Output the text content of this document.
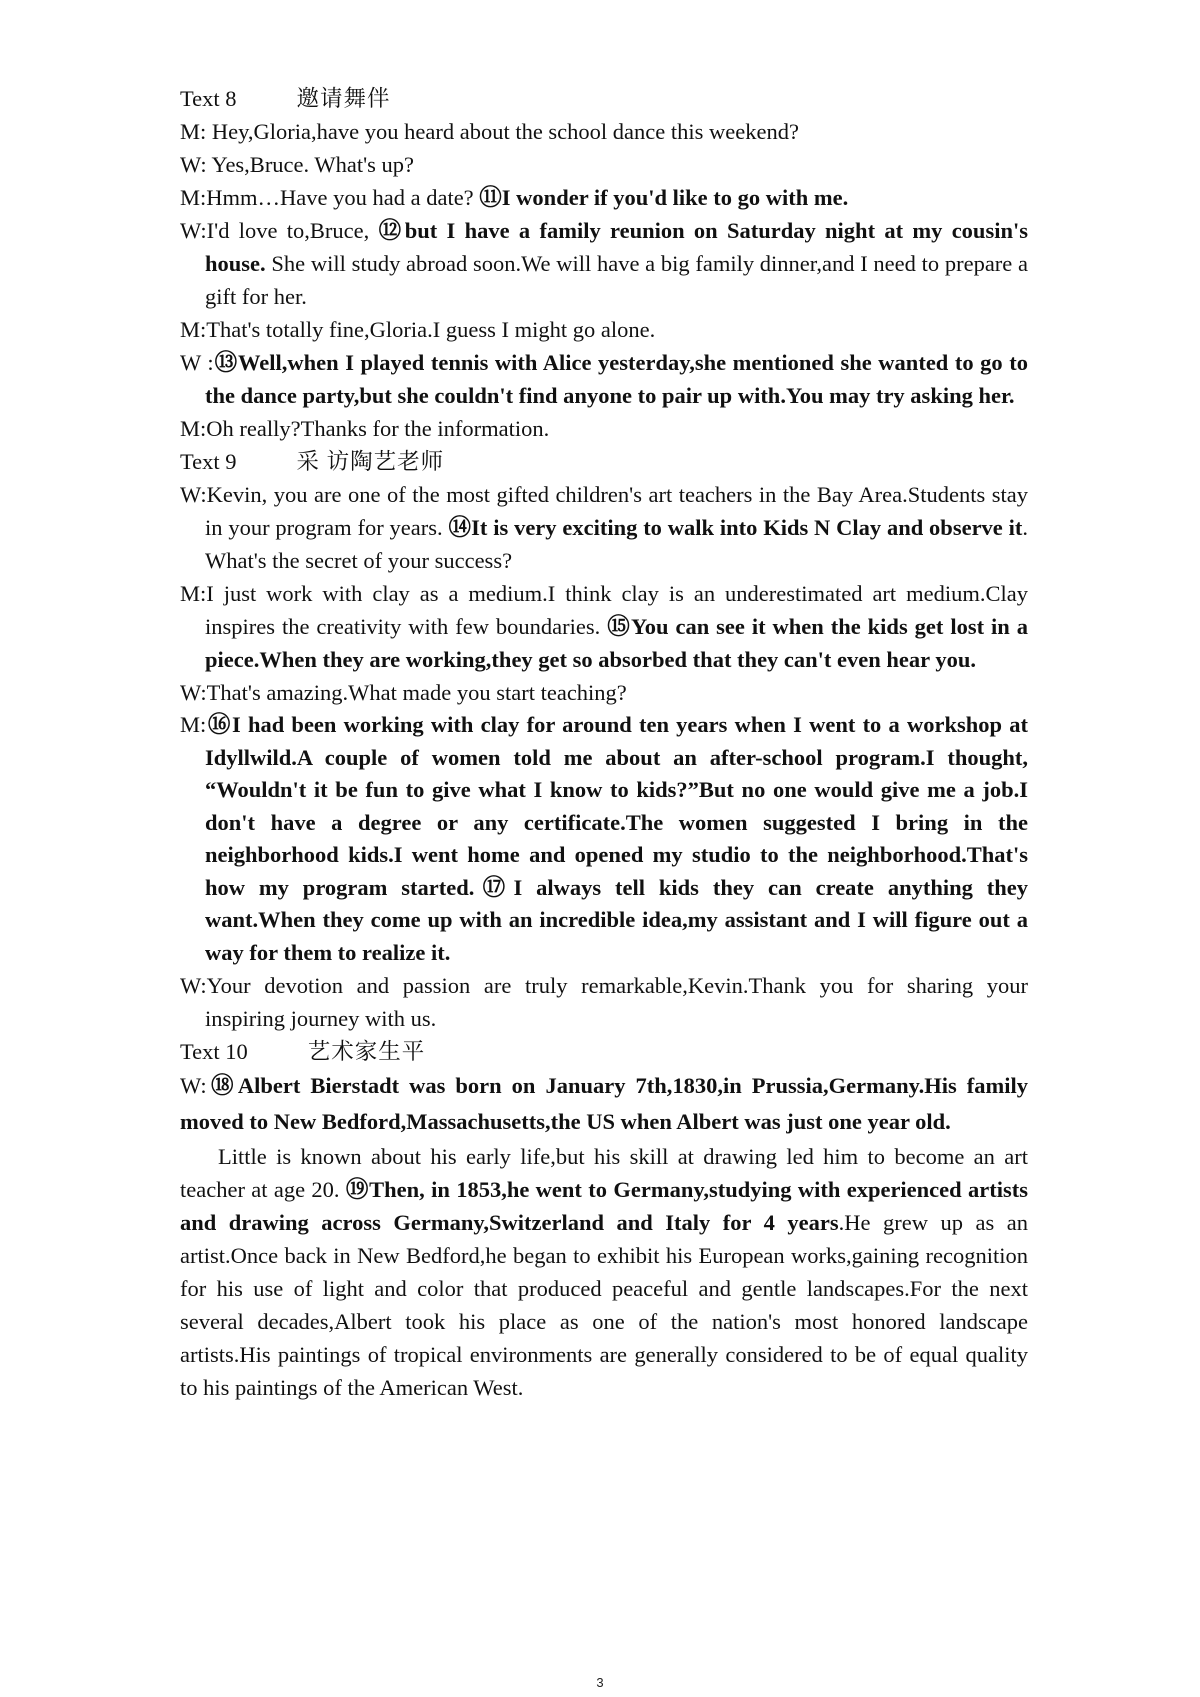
Text 8	邀请舞伴
M: Hey,Gloria,have you heard about the school dance this weekend?
W: Yes,Bruce. What's up?
M:Hmm…Have you had a date? ⑪I wonder if you'd like to go with me.
W:I'd love to,Bruce, ⑫but I have a family reunion on Saturday night at my cousin's house. She will study abroad soon.We will have a big family dinner,and I need to prepare a gift for her.
M:That's totally fine,Gloria.I guess I might go alone.
W :⑬Well,when I played tennis with Alice yesterday,she mentioned she wanted to go to the dance party,but she couldn't find anyone to pair up with.You may try asking her.
M:Oh really?Thanks for the information.
Text 9	采 访陶艺老师
W:Kevin, you are one of the most gifted children's art teachers in the Bay Area.Students stay in your program for years. ⑭It is very exciting to walk into Kids N Clay and observe it. What's the secret of your success?
M:I just work with clay as a medium.I think clay is an underestimated art medium.Clay inspires the creativity with few boundaries. ⑮You can see it when the kids get lost in a piece.When they are working,they get so absorbed that they can't even hear you.
W:That's amazing.What made you start teaching?
M:⑯I had been working with clay for around ten years when I went to a workshop at Idyllwild.A couple of women told me about an after-school program.I thought, “Wouldn't it be fun to give what I know to kids?”But no one would give me a job.I don't have a degree or any certificate.The women suggested I bring in the neighborhood kids.I went home and opened my studio to the neighborhood.That's how my program started.⑰I always tell kids they can create anything they want.When they come up with an incredible idea,my assistant and I will figure out a way for them to realize it.
W:Your devotion and passion are truly remarkable,Kevin.Thank you for sharing your inspiring journey with us.
Text 10	艺术家生平
W:⑱Albert Bierstadt was born on January 7th,1830,in Prussia,Germany.His family moved to New Bedford,Massachusetts,the US when Albert was just one year old.
Little is known about his early life,but his skill at drawing led him to become an art teacher at age 20. ⑲Then, in 1853,he went to Germany,studying with experienced artists and drawing across Germany,Switzerland and Italy for 4 years.He grew up as an artist.Once back in New Bedford,he began to exhibit his European works,gaining recognition for his use of light and color that produced peaceful and gentle landscapes.For the next several decades,Albert took his place as one of the nation's most honored landscape artists.His paintings of tropical environments are generally considered to be of equal quality to his paintings of the American West.
3
